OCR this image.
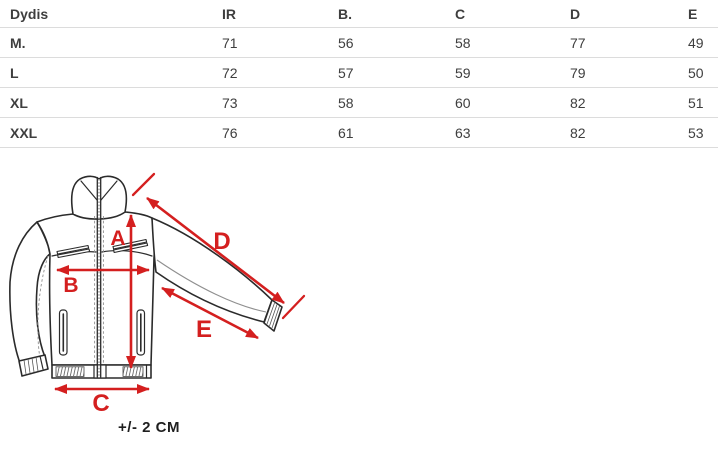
Dydis	IR	B.	C	D	E
M.	71	56	58	77	49
L	72	57	59	79	50
XL	73	58	60	82	51
XXL	76	61	63	82	53
A
B
C
D
E
+/- 2 CM
